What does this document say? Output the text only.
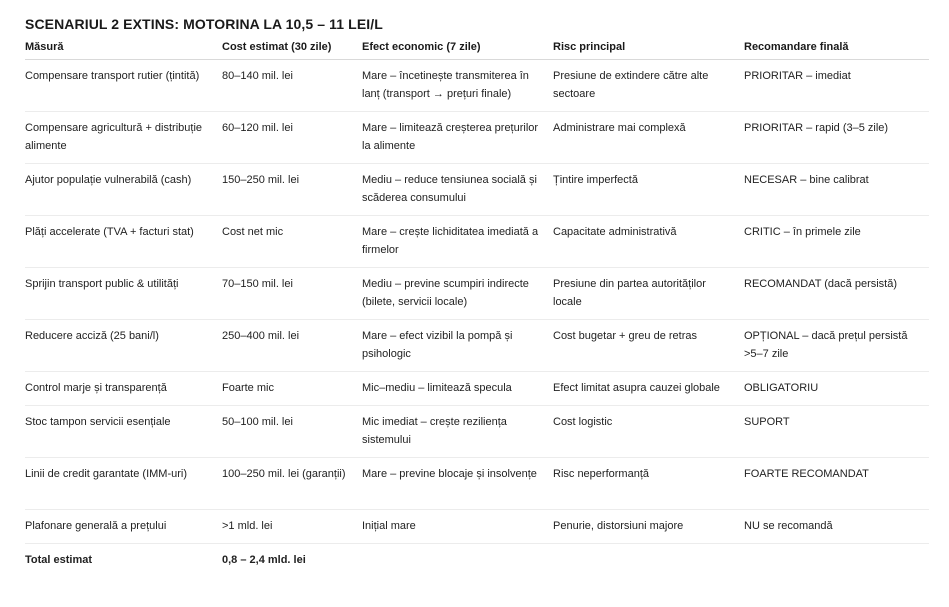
SCENARIUL 2 EXTINS: MOTORINA LA 10,5 – 11 LEI/L
Măsură	Cost estimat (30 zile)	Efect economic (7 zile)	Risc principal	Recomandare finală
Compensare transport rutier (țintită)	80–140 mil. lei	Mare – încetinește transmiterea în lanț (transport → prețuri finale)	Presiune de extindere către alte sectoare	PRIORITAR – imediat
Compensare agricultură + distribuție alimente	60–120 mil. lei	Mare – limitează creșterea prețurilor la alimente	Administrare mai complexă	PRIORITAR – rapid (3–5 zile)
Ajutor populație vulnerabilă (cash)	150–250 mil. lei	Mediu – reduce tensiunea socială și scăderea consumului	Țintire imperfectă	NECESAR – bine calibrat
Plăți accelerate (TVA + facturi stat)	Cost net mic	Mare – crește lichiditatea imediată a firmelor	Capacitate administrativă	CRITIC – în primele zile
Sprijin transport public & utilități	70–150 mil. lei	Mediu – previne scumpiri indirecte (bilete, servicii locale)	Presiune din partea autorităților locale	RECOMANDAT (dacă persistă)
Reducere acciză (25 bani/l)	250–400 mil. lei	Mare – efect vizibil la pompă și psihologic	Cost bugetar + greu de retras	OPȚIONAL – dacă prețul persistă >5–7 zile
Control marje și transparență	Foarte mic	Mic–mediu – limitează specula	Efect limitat asupra cauzei globale	OBLIGATORIU
Stoc tampon servicii esențiale	50–100 mil. lei	Mic imediat – crește reziliența sistemului	Cost logistic	SUPORT
Linii de credit garantate (IMM-uri)	100–250 mil. lei (garanții)	Mare – previne blocaje și insolvențe	Risc neperformanță	FOARTE RECOMANDAT
Plafonare generală a prețului	>1 mld. lei	Inițial mare	Penurie, distorsiuni majore	NU se recomandă
Total estimat	0,8 – 2,4 mld. lei			
